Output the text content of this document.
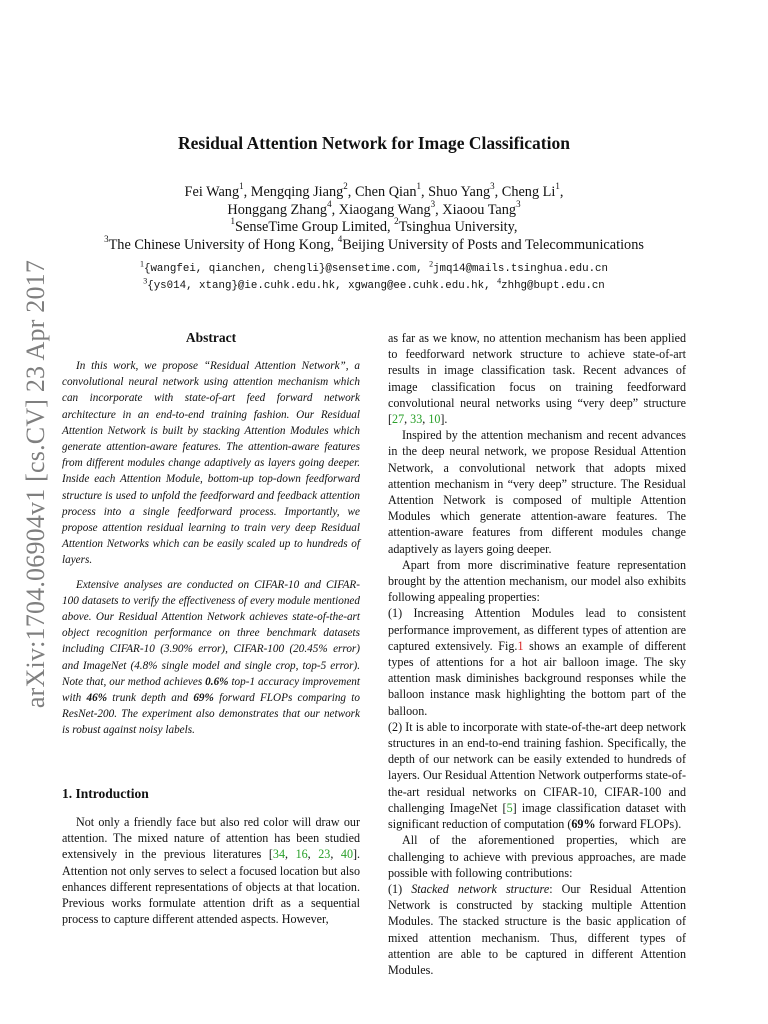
arXiv:1704.06904v1 [cs.CV] 23 Apr 2017
Residual Attention Network for Image Classification
Fei Wang$^1$, Mengqing Jiang$^2$, Chen Qian$^1$, Shuo Yang$^3$, Cheng Li$^1$,
Honggang Zhang$^4$, Xiaogang Wang$^3$, Xiaoou Tang$^3$
$^1$SenseTime Group Limited, $^2$Tsinghua University,
$^3$The Chinese University of Hong Kong, $^4$Beijing University of Posts and Telecommunications
$^1${wangfei, qianchen, chengli}@sensetime.com, $^2$jmq14@mails.tsinghua.edu.cn
$^3${ys014, xtang}@ie.cuhk.edu.hk, xgwang@ee.cuhk.edu.hk, $^4$zhhg@bupt.edu.cn
Abstract

In this work, we propose “Residual Attention Network”, a convolutional neural network using attention mechanism which can incorporate with state-of-art feed forward network architecture in an end-to-end training fashion. Our Residual Attention Network is built by stacking Attention Modules which generate attention-aware features. The attention-aware features from different modules change adaptively as layers going deeper. Inside each Attention Module, bottom-up top-down feedforward structure is used to unfold the feedforward and feedback attention process into a single feedforward process. Importantly, we propose attention residual learning to train very deep Residual Attention Networks which can be easily scaled up to hundreds of layers.

Extensive analyses are conducted on CIFAR-10 and CIFAR-100 datasets to verify the effectiveness of every module mentioned above. Our Residual Attention Network achieves state-of-the-art object recognition performance on three benchmark datasets including CIFAR-10 (3.90% error), CIFAR-100 (20.45% error) and ImageNet (4.8% single model and single crop, top-5 error). Note that, our method achieves 0.6% top-1 accuracy improvement with 46% trunk depth and 69% forward FLOPs comparing to ResNet-200. The experiment also demonstrates that our network is robust against noisy labels.

1. Introduction

Not only a friendly face but also red color will draw our attention. The mixed nature of attention has been studied extensively in the previous literatures [34, 16, 23, 40]. Attention not only serves to select a focused location but also enhances different representations of objects at that location. Previous works formulate attention drift as a sequential process to capture different attended aspects. However,

as far as we know, no attention mechanism has been applied to feedforward network structure to achieve state-of-art results in image classification task. Recent advances of image classification focus on training feedforward convolutional neural networks using “very deep” structure [27, 33, 10].

Inspired by the attention mechanism and recent advances in the deep neural network, we propose Residual Attention Network, a convolutional network that adopts mixed attention mechanism in “very deep” structure. The Residual Attention Network is composed of multiple Attention Modules which generate attention-aware features. The attention-aware features from different modules change adaptively as layers going deeper.

Apart from more discriminative feature representation brought by the attention mechanism, our model also exhibits following appealing properties:

(1) Increasing Attention Modules lead to consistent performance improvement, as different types of attention are captured extensively. Fig.1 shows an example of different types of attentions for a hot air balloon image. The sky attention mask diminishes background responses while the balloon instance mask highlighting the bottom part of the balloon.

(2) It is able to incorporate with state-of-the-art deep network structures in an end-to-end training fashion. Specifically, the depth of our network can be easily extended to hundreds of layers. Our Residual Attention Network outperforms state-of-the-art residual networks on CIFAR-10, CIFAR-100 and challenging ImageNet [5] image classification dataset with significant reduction of computation (69% forward FLOPs).

All of the aforementioned properties, which are challenging to achieve with previous approaches, are made possible with following contributions:

(1) Stacked network structure: Our Residual Attention Network is constructed by stacking multiple Attention Modules. The stacked structure is the basic application of mixed attention mechanism. Thus, different types of attention are able to be captured in different Attention Modules.
